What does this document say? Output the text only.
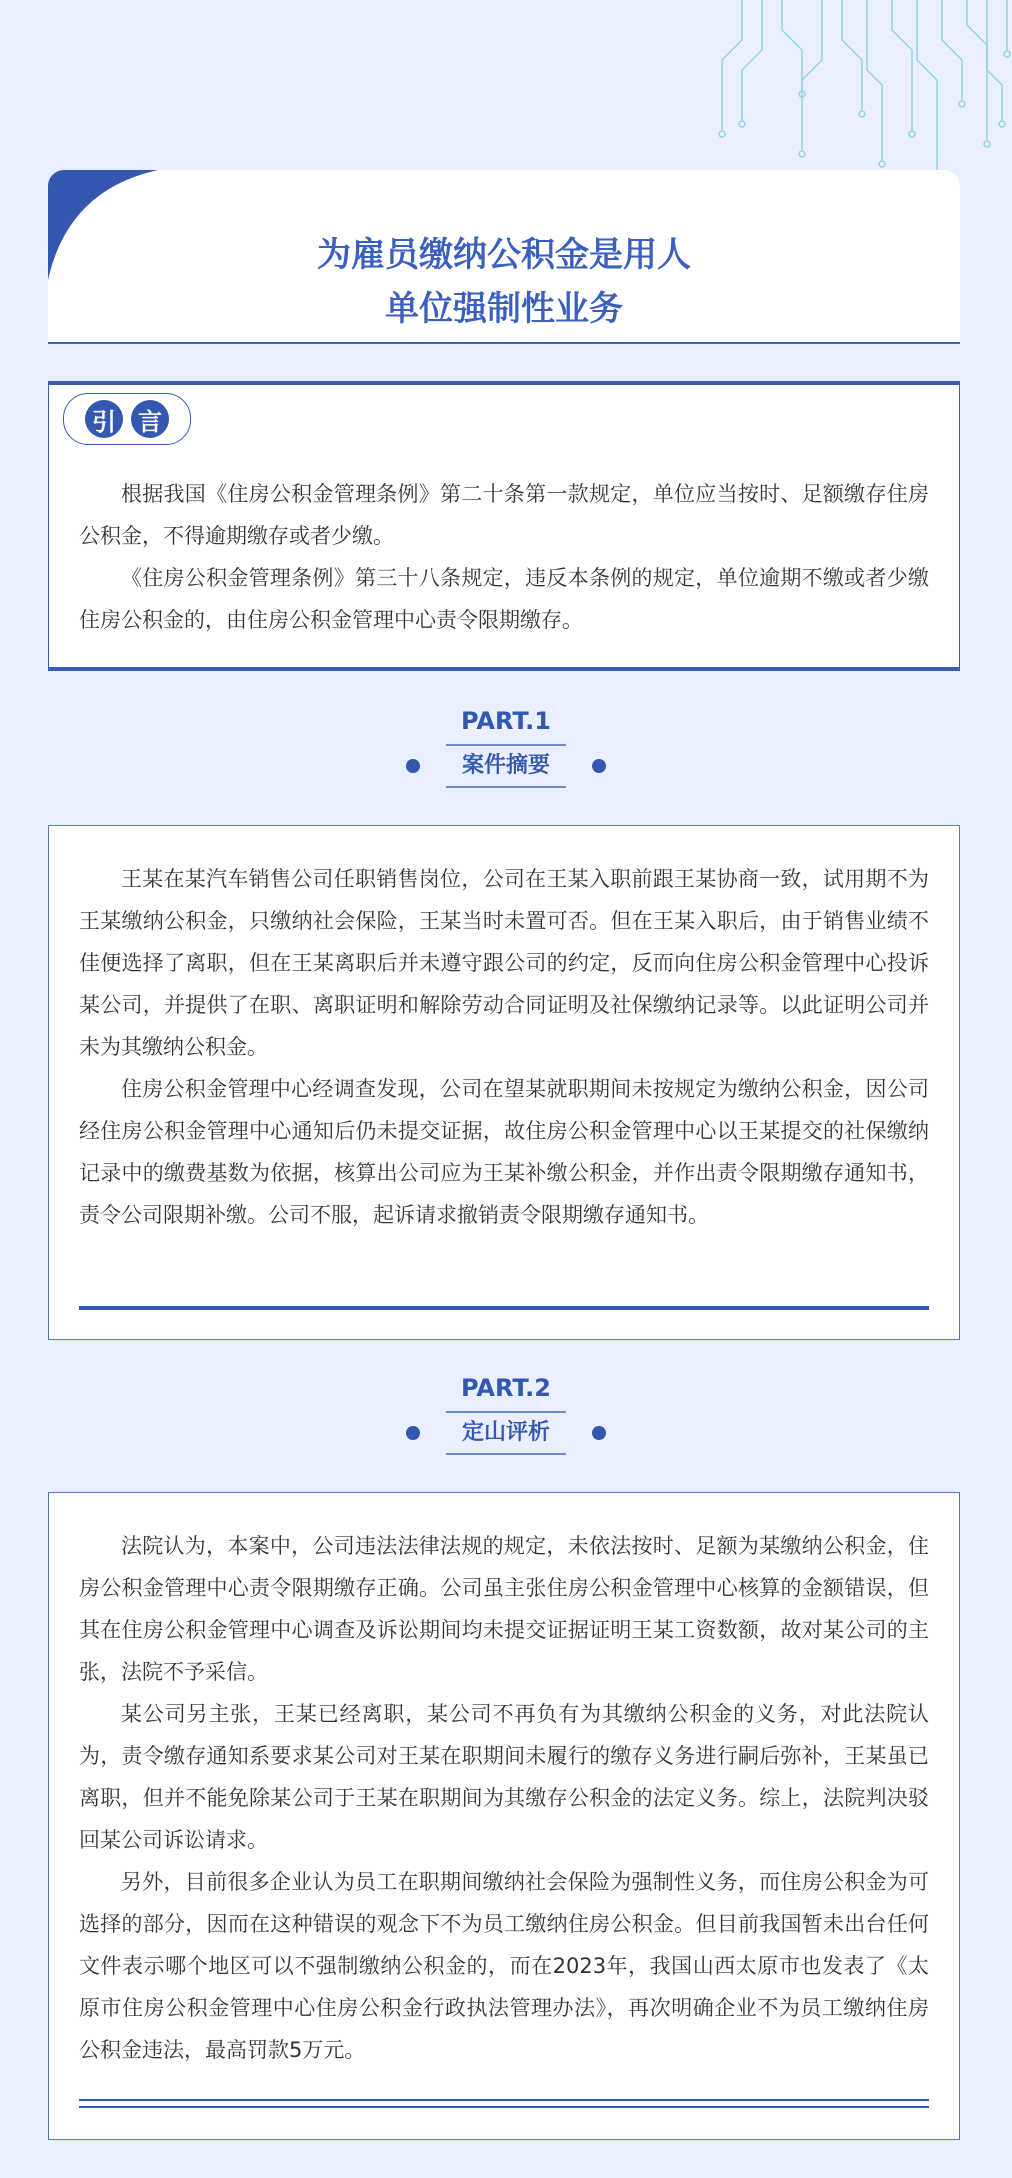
为雇员缴纳公积金是用人
单位强制性业务
引 言

根据我国《住房公积金管理条例》第二十条第一款规定，单位应当按时、足额缴存住房公积金，不得逾期缴存或者少缴。

《住房公积金管理条例》第三十八条规定，违反本条例的规定，单位逾期不缴或者少缴住房公积金的，由住房公积金管理中心责令限期缴存。

PART.1
案件摘要

王某在某汽车销售公司任职销售岗位，公司在王某入职前跟王某协商一致，试用期不为王某缴纳公积金，只缴纳社会保险，王某当时未置可否。但在王某入职后，由于销售业绩不佳便选择了离职，但在王某离职后并未遵守跟公司的约定，反而向住房公积金管理中心投诉某公司，并提供了在职、离职证明和解除劳动合同证明及社保缴纳记录等。以此证明公司并未为其缴纳公积金。

住房公积金管理中心经调查发现，公司在望某就职期间未按规定为缴纳公积金，因公司经住房公积金管理中心通知后仍未提交证据，故住房公积金管理中心以王某提交的社保缴纳记录中的缴费基数为依据，核算出公司应为王某补缴公积金，并作出责令限期缴存通知书，责令公司限期补缴。公司不服，起诉请求撤销责令限期缴存通知书。

PART.2
定山评析

法院认为，本案中，公司违法法律法规的规定，未依法按时、足额为某缴纳公积金，住房公积金管理中心责令限期缴存正确。公司虽主张住房公积金管理中心核算的金额错误，但其在住房公积金管理中心调查及诉讼期间均未提交证据证明王某工资数额，故对某公司的主张，法院不予采信。

某公司另主张，王某已经离职，某公司不再负有为其缴纳公积金的义务，对此法院认为，责令缴存通知系要求某公司对王某在职期间未履行的缴存义务进行嗣后弥补，王某虽已离职，但并不能免除某公司于王某在职期间为其缴存公积金的法定义务。综上，法院判决驳回某公司诉讼请求。

另外，目前很多企业认为员工在职期间缴纳社会保险为强制性义务，而住房公积金为可选择的部分，因而在这种错误的观念下不为员工缴纳住房公积金。但目前我国暂未出台任何文件表示哪个地区可以不强制缴纳公积金的，而在2023年，我国山西太原市也发表了《太原市住房公积金管理中心住房公积金行政执法管理办法》，再次明确企业不为员工缴纳住房公积金违法，最高罚款5万元。
